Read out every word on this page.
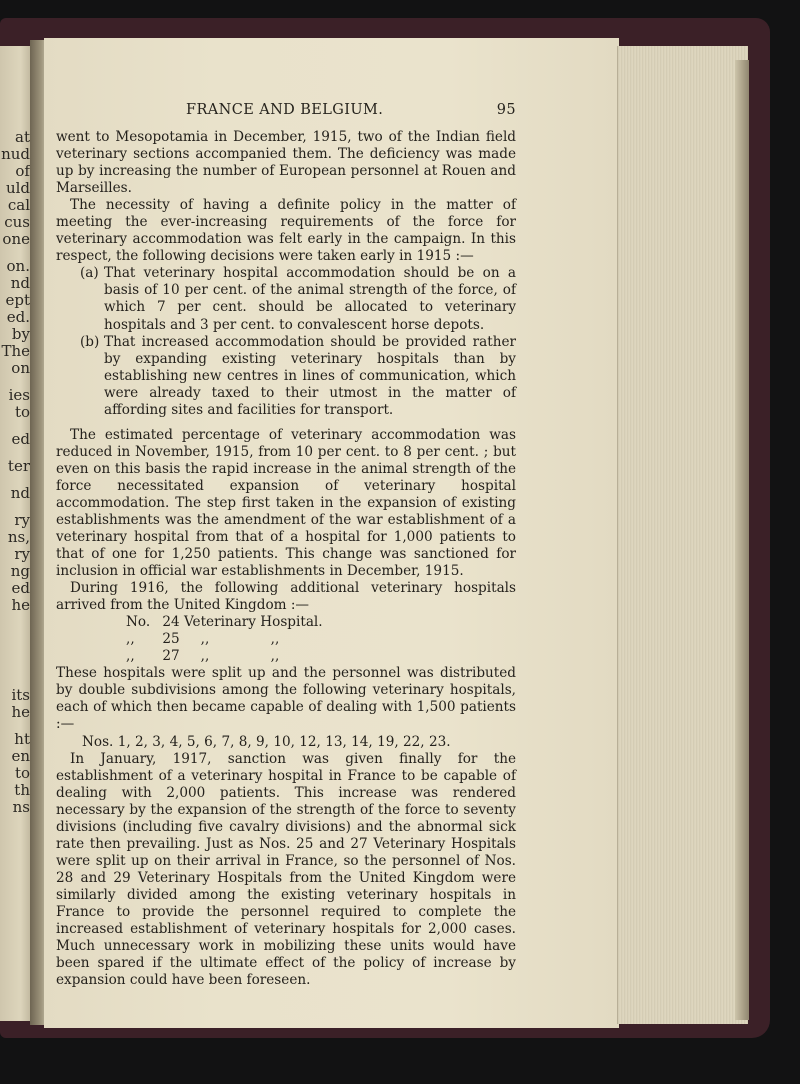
at
nud
of
uld
cal
cus
one
on.
nd
ept
ed.
by
The
on
ies
to
ed
ter
nd
ry
ns,
ry
ng
ed
he
its
he
ht
en
to
th
ns
FRANCE AND BELGIUM.	95

went to Mesopotamia in December, 1915, two of the Indian field veterinary sections accompanied them. The deficiency was made up by increasing the number of European personnel at Rouen and Marseilles.

The necessity of having a definite policy in the matter of meeting the ever-increasing requirements of the force for veterinary accommodation was felt early in the campaign. In this respect, the following decisions were taken early in 1915 :—

(a) That veterinary hospital accommodation should be on a basis of 10 per cent. of the animal strength of the force, of which 7 per cent. should be allocated to veterinary hospitals and 3 per cent. to convalescent horse depots.

(b) That increased accommodation should be provided rather by expanding existing veterinary hospitals than by establishing new centres in lines of communication, which were already taxed to their utmost in the matter of affording sites and facilities for transport.

The estimated percentage of veterinary accommodation was reduced in November, 1915, from 10 per cent. to 8 per cent. ; but even on this basis the rapid increase in the animal strength of the force necessitated expansion of veterinary hospital accommodation. The step first taken in the expansion of existing establishments was the amendment of the war establishment of a veterinary hospital from that of a hospital for 1,000 patients to that of one for 1,250 patients. This change was sanctioned for inclusion in official war establishments in December, 1915.

During 1916, the following additional veterinary hospitals arrived from the United Kingdom :—

No. 24 Veterinary Hospital.
,, 25 ,,	,,
,, 27 ,,	,,

These hospitals were split up and the personnel was distributed by double subdivisions among the following veterinary hospitals, each of which then became capable of dealing with 1,500 patients :—

Nos. 1, 2, 3, 4, 5, 6, 7, 8, 9, 10, 12, 13, 14, 19, 22, 23.

In January, 1917, sanction was given finally for the establishment of a veterinary hospital in France to be capable of dealing with 2,000 patients. This increase was rendered necessary by the expansion of the strength of the force to seventy divisions (including five cavalry divisions) and the abnormal sick rate then prevailing. Just as Nos. 25 and 27 Veterinary Hospitals were split up on their arrival in France, so the personnel of Nos. 28 and 29 Veterinary Hospitals from the United Kingdom were similarly divided among the existing veterinary hospitals in France to provide the personnel required to complete the increased establishment of veterinary hospitals for 2,000 cases. Much unnecessary work in mobilizing these units would have been spared if the ultimate effect of the policy of increase by expansion could have been foreseen.
